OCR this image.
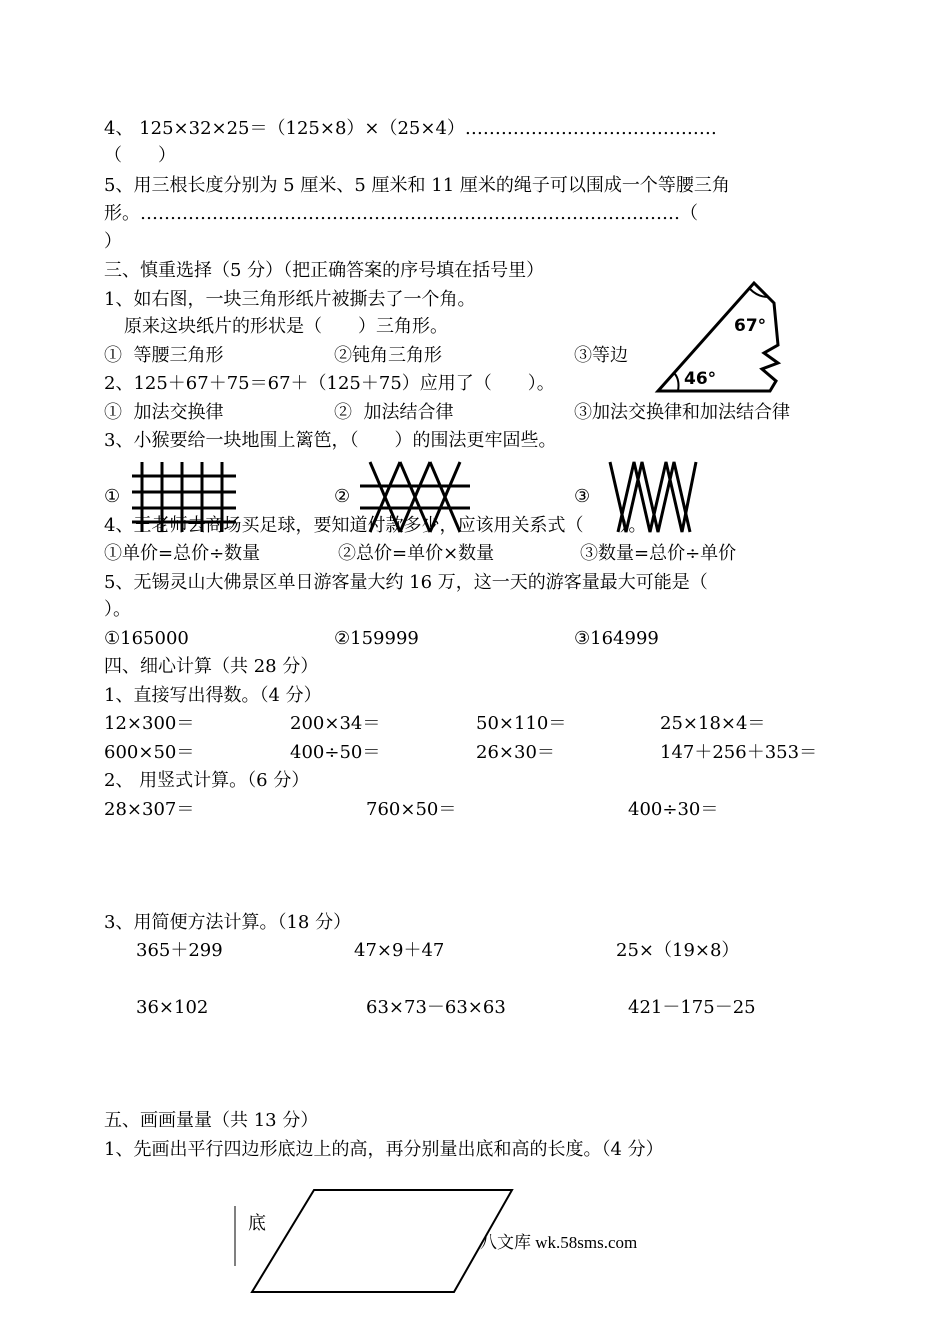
4、 125×32×25＝（125×8）×（25×4）……………………………………
（　　）
5、用三根长度分别为 5 厘米、5 厘米和 11 厘米的绳子可以围成一个等腰三角
形。………………………………………………………………………………（
）
三、慎重选择（5 分）（把正确答案的序号填在括号里）
1、如右图，一块三角形纸片被撕去了一个角。
原来这块纸片的形状是（　　）三角形。
①  等腰三角形	②钝角三角形	③等边
2、125＋67＋75＝67＋（125＋75）应用了（　　）。
①  加法交换律	②  加法结合律	③加法交换律和加法结合律
67°
46°
3、小猴要给一块地围上篱笆，（　　）的围法更牢固些。
①	②	③
4、王老师去商场买足球，要知道付款多少，应该用关系式（　　）。
①单价=总价÷数量	②总价=单价×数量	③数量=总价÷单价
5、无锡灵山大佛景区单日游客量大约 16 万，这一天的游客量最大可能是（
）。
①165000	②159999	③164999
四、细心计算（共 28 分）
1、直接写出得数。（4 分）
12×300＝	200×34＝	50×110＝	25×18×4＝
600×50＝	400÷50＝	26×30＝	147＋256＋353＝
2、 用竖式计算。（6 分）
28×307＝	760×50＝	400÷30＝
3、用简便方法计算。（18 分）
365＋299	47×9＋47	25×（19×8）
36×102	63×73－63×63	421－175－25
五、画画量量（共 13 分）
1、先画出平行四边形底边上的高，再分别量出底和高的长度。（4 分）
底
八文库 wk.58sms.com
